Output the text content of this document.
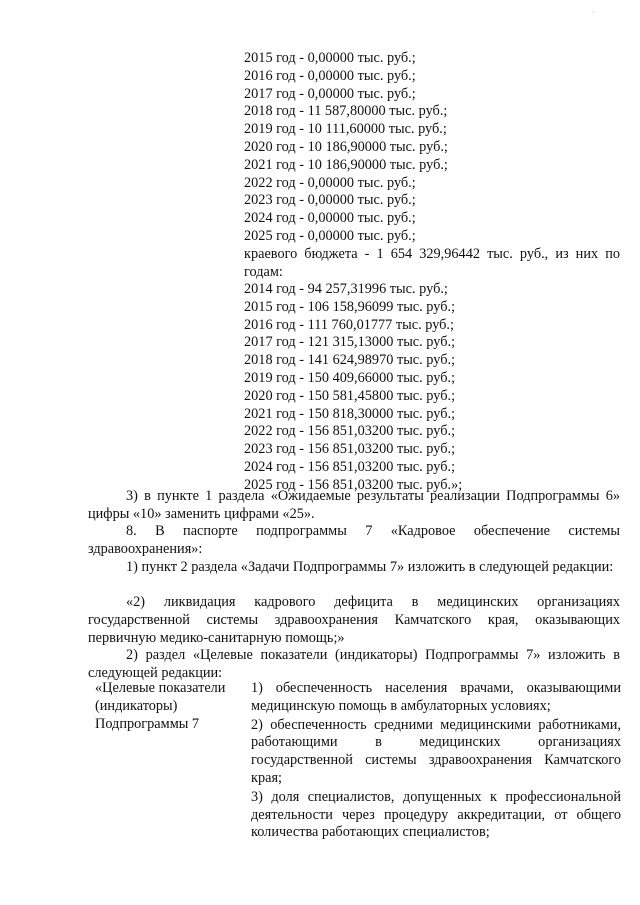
2015 год - 0,00000 тыс. руб.;
2016 год - 0,00000 тыс. руб.;
2017 год - 0,00000 тыс. руб.;
2018 год - 11 587,80000 тыс. руб.;
2019 год - 10 111,60000 тыс. руб.;
2020 год - 10 186,90000 тыс. руб.;
2021 год - 10 186,90000 тыс. руб.;
2022 год - 0,00000 тыс. руб.;
2023 год - 0,00000 тыс. руб.;
2024 год - 0,00000 тыс. руб.;
2025 год - 0,00000 тыс. руб.;
краевого бюджета - 1 654 329,96442 тыс. руб., из них по годам:
2014 год - 94 257,31996 тыс. руб.;
2015 год - 106 158,96099 тыс. руб.;
2016 год - 111 760,01777 тыс. руб.;
2017 год - 121 315,13000 тыс. руб.;
2018 год - 141 624,98970 тыс. руб.;
2019 год - 150 409,66000 тыс. руб.;
2020 год - 150 581,45800 тыс. руб.;
2021 год - 150 818,30000 тыс. руб.;
2022 год - 156 851,03200 тыс. руб.;
2023 год - 156 851,03200 тыс. руб.;
2024 год - 156 851,03200 тыс. руб.;
2025 год - 156 851,03200 тыс. руб.»;
3) в пункте 1 раздела «Ожидаемые результаты реализации Подпрограммы 6» цифры «10» заменить цифрами «25».
8. В паспорте подпрограммы 7 «Кадровое обеспечение системы здравоохранения»:
1) пункт 2 раздела «Задачи Подпрограммы 7» изложить в следующей редакции:
«2) ликвидация кадрового дефицита в медицинских организациях государственной системы здравоохранения Камчатского края, оказывающих первичную медико-санитарную помощь;»
2) раздел «Целевые показатели (индикаторы) Подпрограммы 7» изложить в следующей редакции:
«Целевые показатели (индикаторы) Подпрограммы 7
1) обеспеченность населения врачами, оказывающими медицинскую помощь в амбулаторных условиях;
2) обеспеченность средними медицинскими работниками, работающими в медицинских организациях государственной системы здравоохранения Камчатского края;
3) доля специалистов, допущенных к профессиональной деятельности через процедуру аккредитации, от общего количества работающих специалистов;
